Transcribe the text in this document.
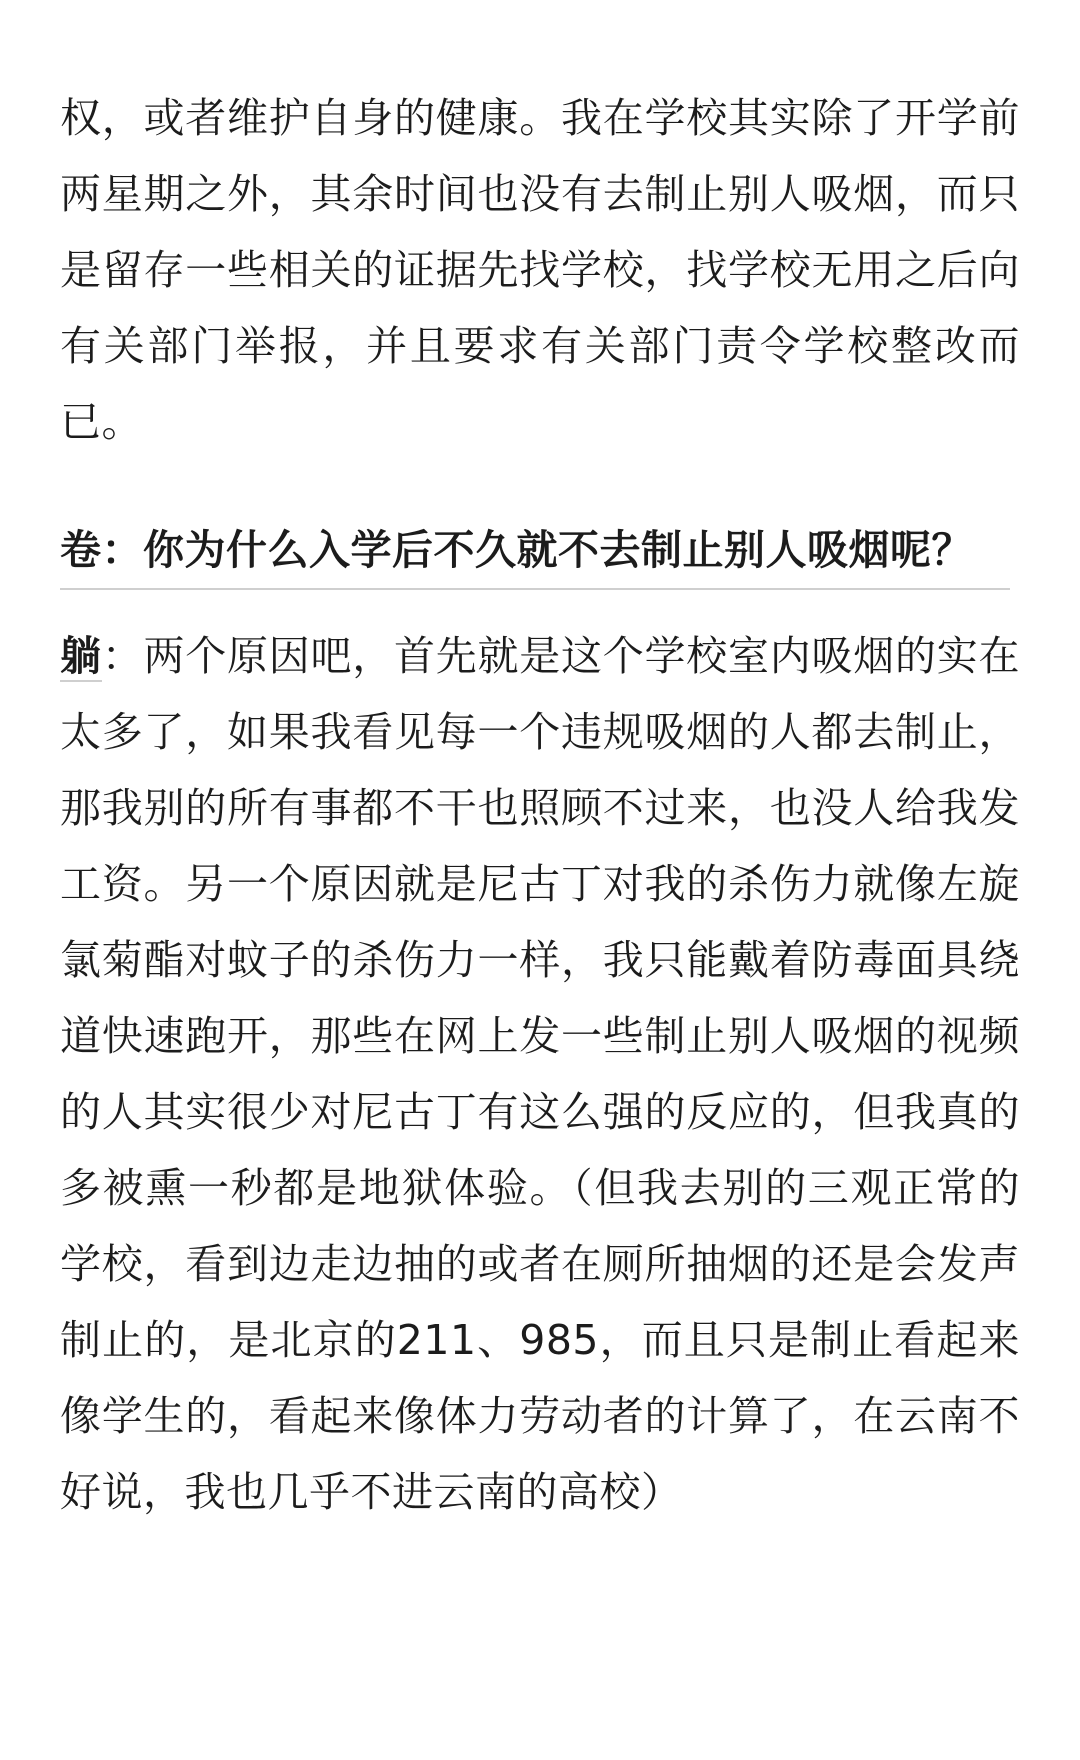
权，或者维护自身的健康。我在学校其实除了开学前两星期之外，其余时间也没有去制止别人吸烟，而只是留存一些相关的证据先找学校，找学校无用之后向有关部门举报，并且要求有关部门责令学校整改而已。

卷：你为什么入学后不久就不去制止别人吸烟呢？

躺：两个原因吧，首先就是这个学校室内吸烟的实在太多了，如果我看见每一个违规吸烟的人都去制止，那我别的所有事都不干也照顾不过来，也没人给我发工资。另一个原因就是尼古丁对我的杀伤力就像左旋氯菊酯对蚊子的杀伤力一样，我只能戴着防毒面具绕道快速跑开，那些在网上发一些制止别人吸烟的视频的人其实很少对尼古丁有这么强的反应的，但我真的多被熏一秒都是地狱体验。（但我去别的三观正常的学校，看到边走边抽的或者在厕所抽烟的还是会发声制止的，是北京的211、985，而且只是制止看起来像学生的，看起来像体力劳动者的计算了，在云南不好说，我也几乎不进云南的高校）
